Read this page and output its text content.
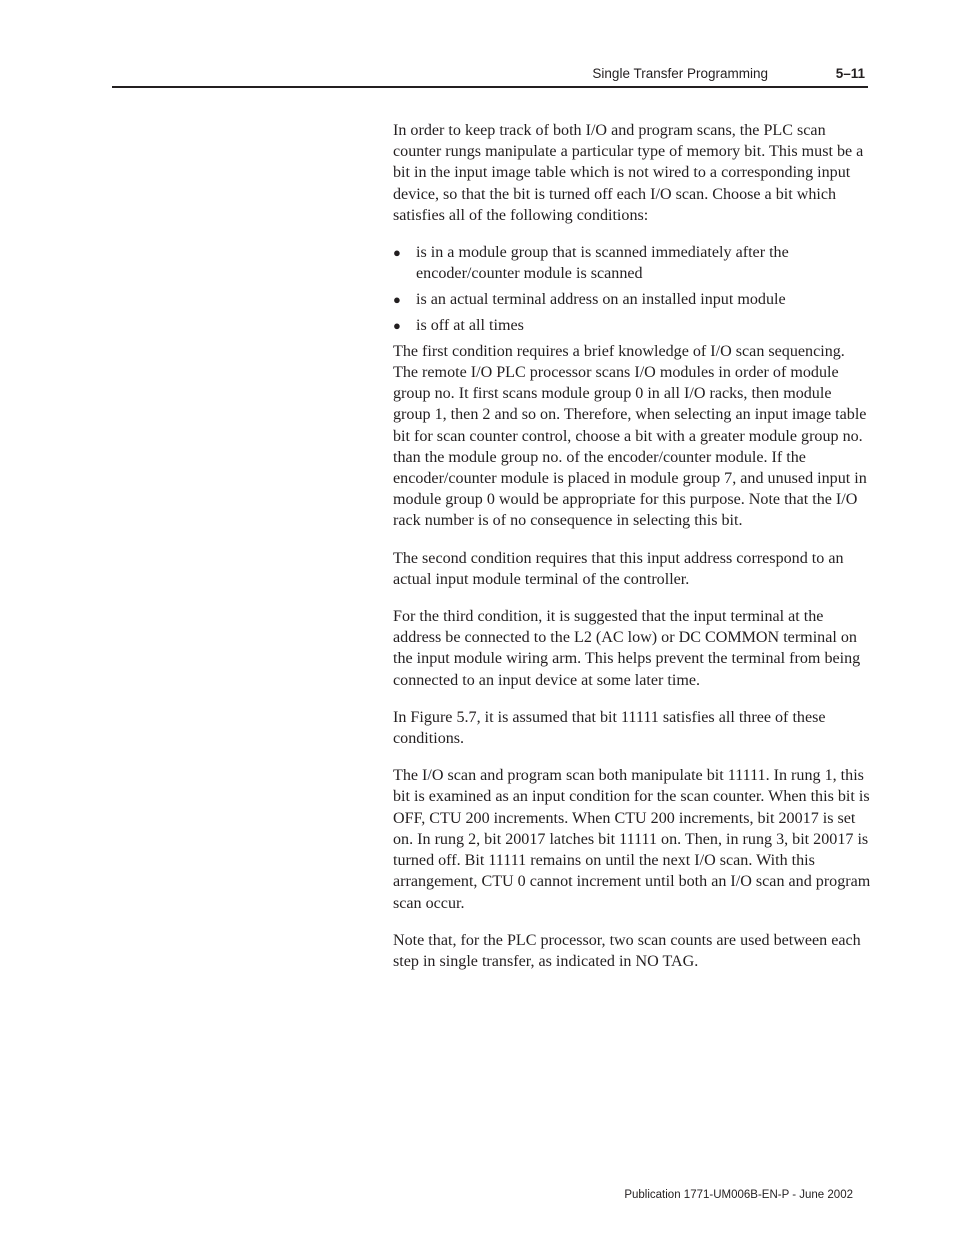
Single Transfer Programming	5–11

In order to keep track of both I/O and program scans, the PLC scan counter rungs manipulate a particular type of memory bit. This must be a bit in the input image table which is not wired to a corresponding input device, so that the bit is turned off each I/O scan. Choose a bit which satisfies all of the following conditions:

● is in a module group that is scanned immediately after the encoder/counter module is scanned
● is an actual terminal address on an installed input module
● is off at all times

The first condition requires a brief knowledge of I/O scan sequencing. The remote I/O PLC processor scans I/O modules in order of module group no. It first scans module group 0 in all I/O racks, then module group 1, then 2 and so on. Therefore, when selecting an input image table bit for scan counter control, choose a bit with a greater module group no. than the module group no. of the encoder/counter module. If the encoder/counter module is placed in module group 7, and unused input in module group 0 would be appropriate for this purpose. Note that the I/O rack number is of no consequence in selecting this bit.

The second condition requires that this input address correspond to an actual input module terminal of the controller.

For the third condition, it is suggested that the input terminal at the address be connected to the L2 (AC low) or DC COMMON terminal on the input module wiring arm. This helps prevent the terminal from being connected to an input device at some later time.

In Figure 5.7, it is assumed that bit 11111 satisfies all three of these conditions.

The I/O scan and program scan both manipulate bit 11111. In rung 1, this bit is examined as an input condition for the scan counter. When this bit is OFF, CTU 200 increments. When CTU 200 increments, bit 20017 is set on. In rung 2, bit 20017 latches bit 11111 on. Then, in rung 3, bit 20017 is turned off. Bit 11111 remains on until the next I/O scan. With this arrangement, CTU 0 cannot increment until both an I/O scan and program scan occur.

Note that, for the PLC processor, two scan counts are used between each step in single transfer, as indicated in NO TAG.

Publication 1771-UM006B-EN-P - June 2002
